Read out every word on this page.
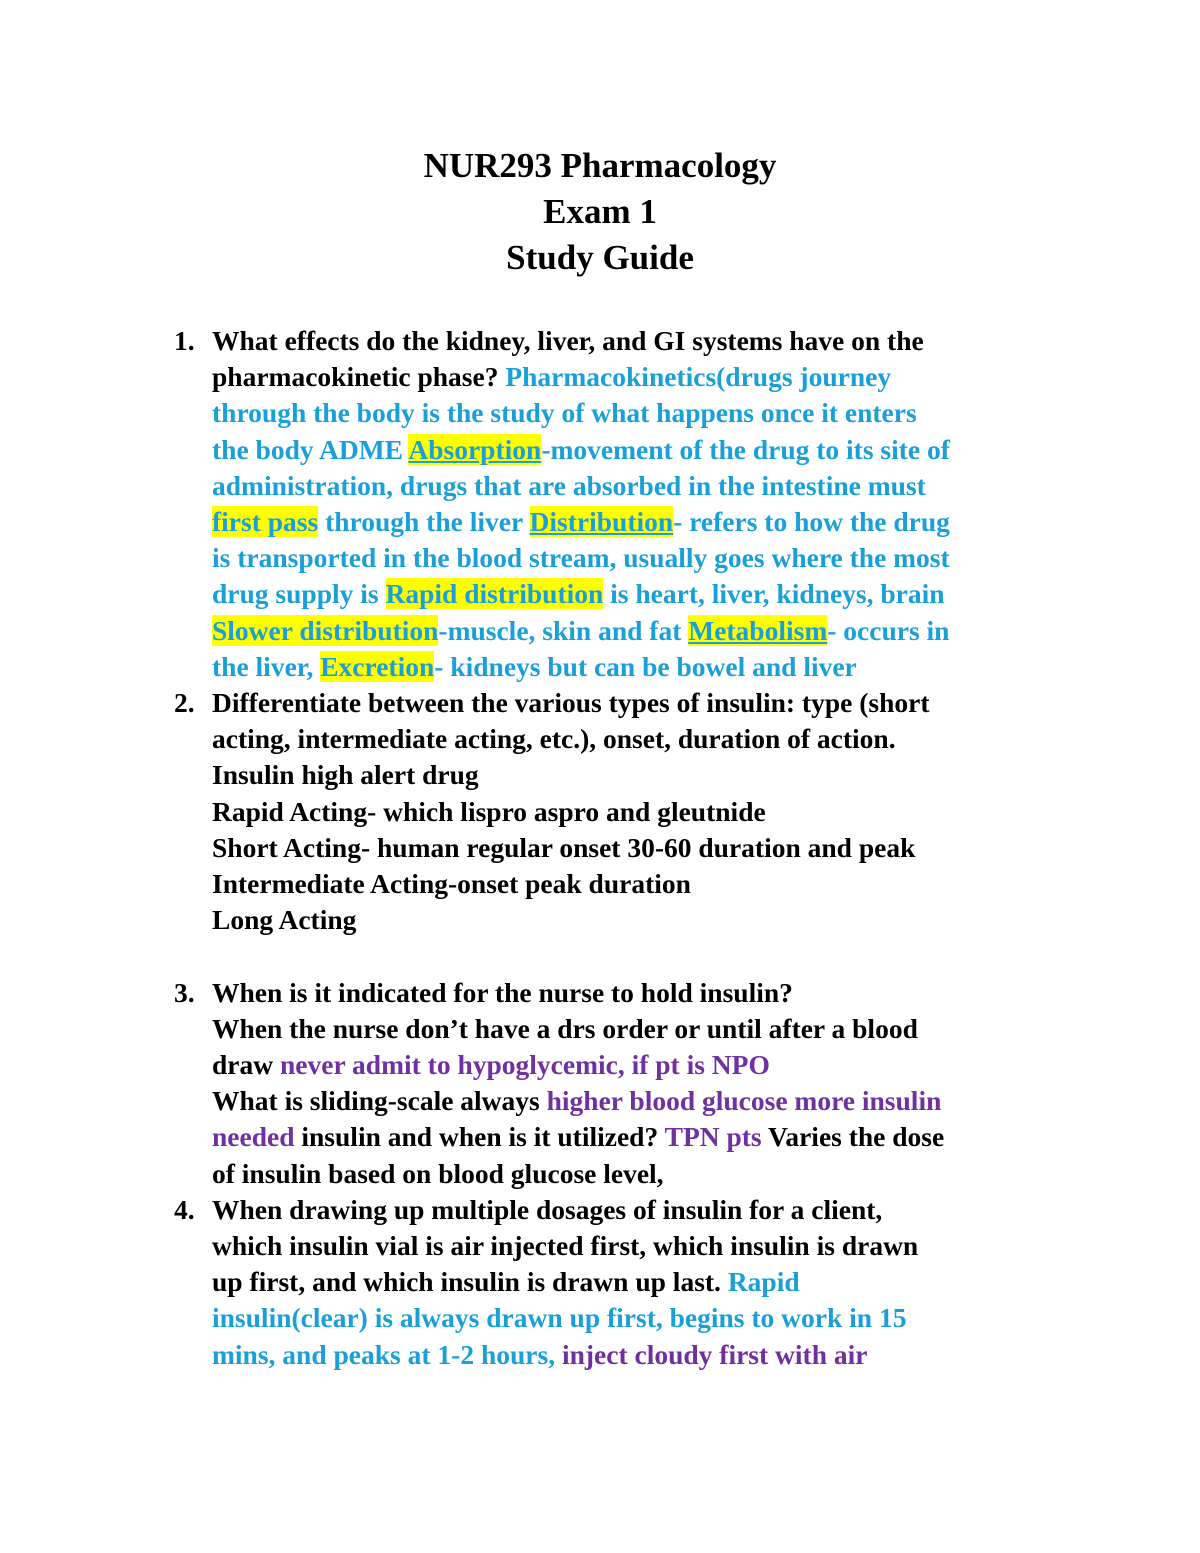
NUR293 Pharmacology
Exam 1
Study Guide
1. What effects do the kidney, liver, and GI systems have on the
pharmacokinetic phase? Pharmacokinetics(drugs journey
through the body is the study of what happens once it enters
the body ADME Absorption-movement of the drug to its site of
administration, drugs that are absorbed in the intestine must
first pass through the liver Distribution- refers to how the drug
is transported in the blood stream, usually goes where the most
drug supply is Rapid distribution is heart, liver, kidneys, brain
Slower distribution-muscle, skin and fat Metabolism- occurs in
the liver, Excretion- kidneys but can be bowel and liver
2. Differentiate between the various types of insulin: type (short
acting, intermediate acting, etc.), onset, duration of action.
Insulin high alert drug
Rapid Acting- which lispro aspro and gleutnide
Short Acting- human regular onset 30-60 duration and peak
Intermediate Acting-onset peak duration
Long Acting
3. When is it indicated for the nurse to hold insulin?
When the nurse don’t have a drs order or until after a blood
draw never admit to hypoglycemic, if pt is NPO
What is sliding-scale always higher blood glucose more insulin
needed insulin and when is it utilized? TPN pts Varies the dose
of insulin based on blood glucose level,
4. When drawing up multiple dosages of insulin for a client,
which insulin vial is air injected first, which insulin is drawn
up first, and which insulin is drawn up last. Rapid
insulin(clear) is always drawn up first, begins to work in 15
mins, and peaks at 1-2 hours, inject cloudy first with air
